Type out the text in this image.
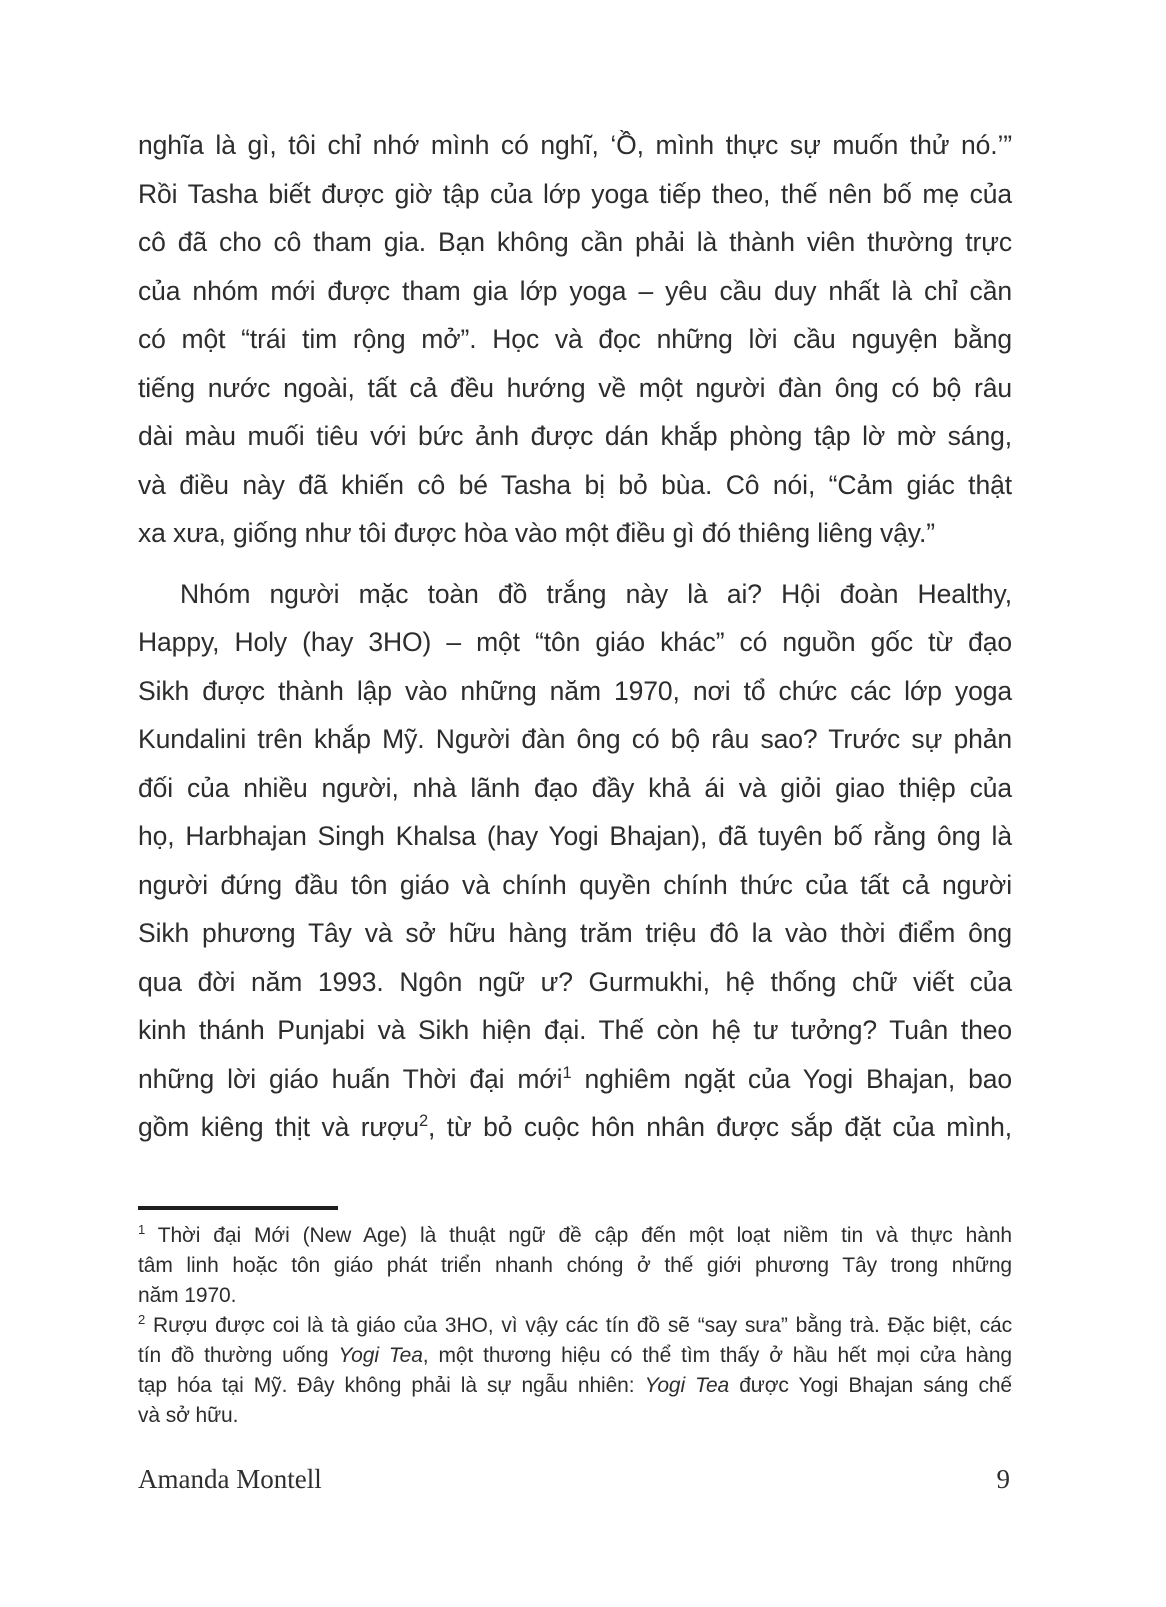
nghĩa là gì, tôi chỉ nhớ mình có nghĩ, ‘Ồ, mình thực sự muốn thử nó.’”
Rồi Tasha biết được giờ tập của lớp yoga tiếp theo, thế nên bố mẹ của
cô đã cho cô tham gia. Bạn không cần phải là thành viên thường trực
của nhóm mới được tham gia lớp yoga – yêu cầu duy nhất là chỉ cần
có một “trái tim rộng mở”. Học và đọc những lời cầu nguyện bằng
tiếng nước ngoài, tất cả đều hướng về một người đàn ông có bộ râu
dài màu muối tiêu với bức ảnh được dán khắp phòng tập lờ mờ sáng,
và điều này đã khiến cô bé Tasha bị bỏ bùa. Cô nói, “Cảm giác thật
xa xưa, giống như tôi được hòa vào một điều gì đó thiêng liêng vậy.”
Nhóm người mặc toàn đồ trắng này là ai? Hội đoàn Healthy,
Happy, Holy (hay 3HO) – một “tôn giáo khác” có nguồn gốc từ đạo
Sikh được thành lập vào những năm 1970, nơi tổ chức các lớp yoga
Kundalini trên khắp Mỹ. Người đàn ông có bộ râu sao? Trước sự phản
đối của nhiều người, nhà lãnh đạo đầy khả ái và giỏi giao thiệp của
họ, Harbhajan Singh Khalsa (hay Yogi Bhajan), đã tuyên bố rằng ông là
người đứng đầu tôn giáo và chính quyền chính thức của tất cả người
Sikh phương Tây và sở hữu hàng trăm triệu đô la vào thời điểm ông
qua đời năm 1993. Ngôn ngữ ư? Gurmukhi, hệ thống chữ viết của
kinh thánh Punjabi và Sikh hiện đại. Thế còn hệ tư tưởng? Tuân theo
những lời giáo huấn Thời đại mới$^1$ nghiêm ngặt của Yogi Bhajan, bao
gồm kiêng thịt và rượu$^2$, từ bỏ cuộc hôn nhân được sắp đặt của mình,
$^1$ Thời đại Mới (New Age) là thuật ngữ đề cập đến một loạt niềm tin và thực hành
tâm linh hoặc tôn giáo phát triển nhanh chóng ở thế giới phương Tây trong những
năm 1970.
$^2$ Rượu được coi là tà giáo của 3HO, vì vậy các tín đồ sẽ “say sưa” bằng trà. Đặc biệt, các
tín đồ thường uống Yogi Tea, một thương hiệu có thể tìm thấy ở hầu hết mọi cửa hàng
tạp hóa tại Mỹ. Đây không phải là sự ngẫu nhiên: Yogi Tea được Yogi Bhajan sáng chế
và sở hữu.
Amanda Montell	9
